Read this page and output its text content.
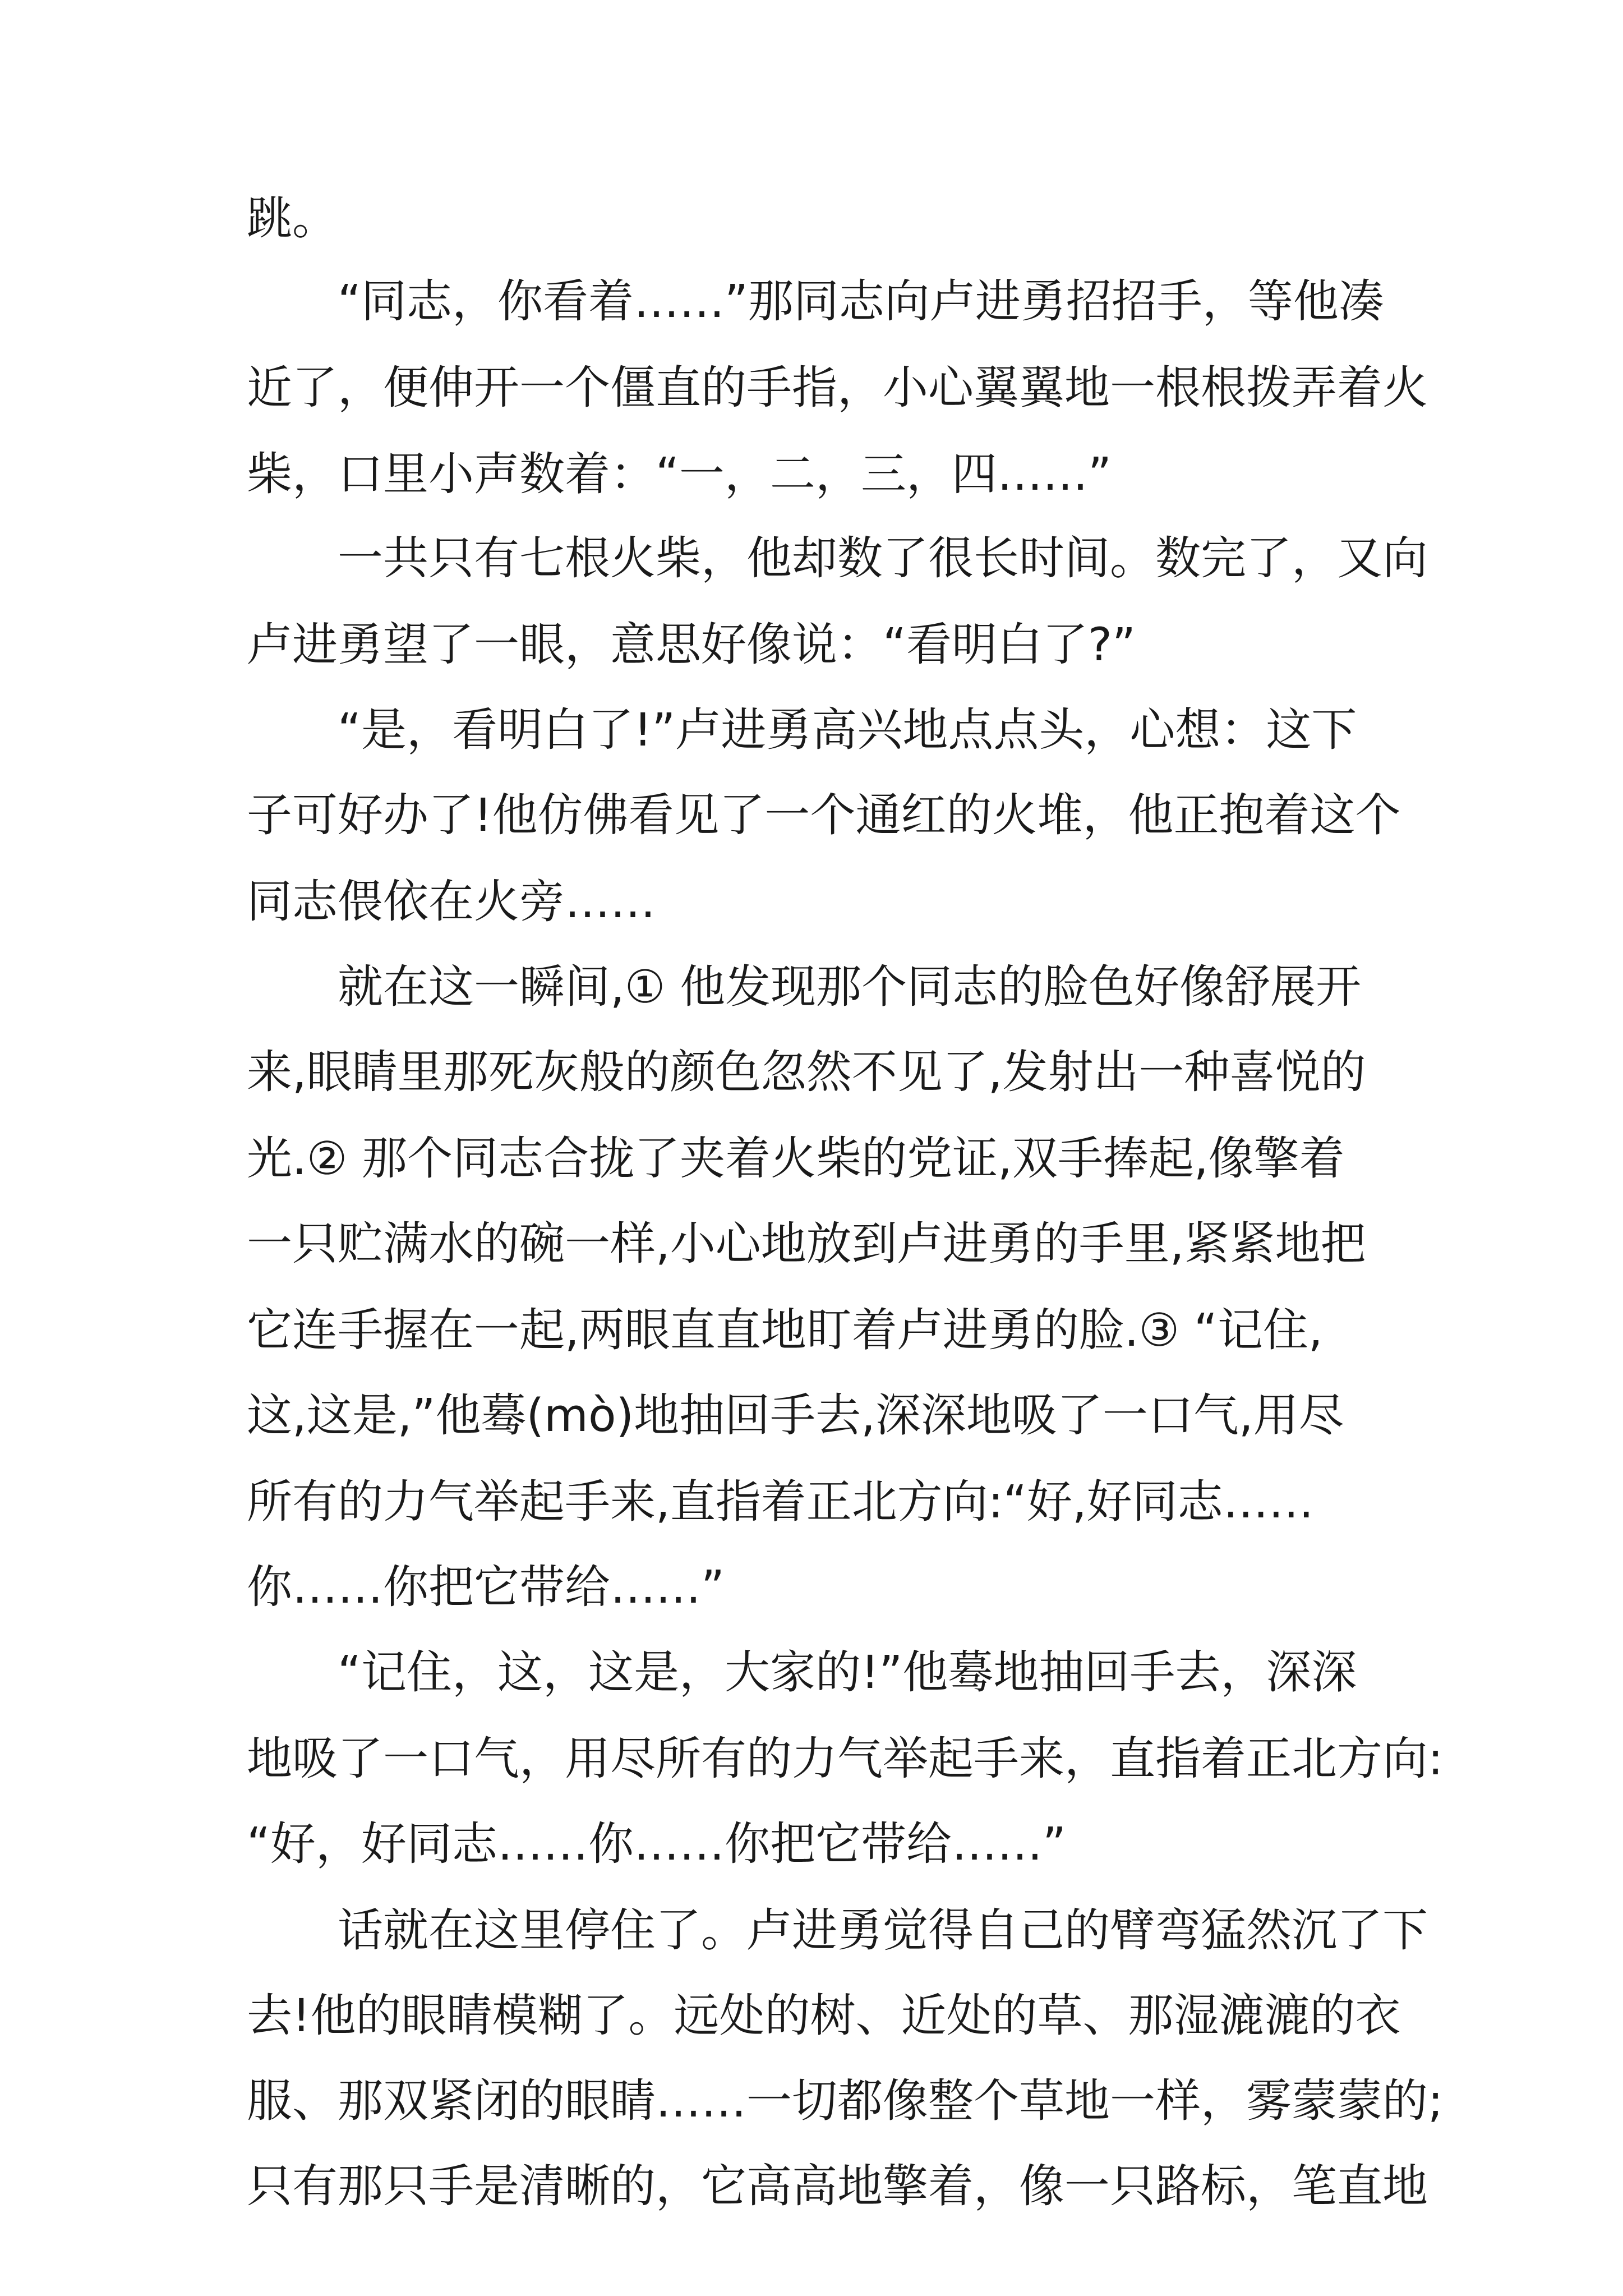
跳。
“同志，你看着……”那同志向卢进勇招招手，等他凑
近了，便伸开一个僵直的手指，小心翼翼地一根根拨弄着火
柴，口里小声数着：“一，二，三，四……”
一共只有七根火柴，他却数了很长时间。数完了，又向
卢进勇望了一眼，意思好像说：“看明白了?”
“是，看明白了!”卢进勇高兴地点点头，心想：这下
子可好办了!他仿佛看见了一个通红的火堆，他正抱着这个
同志偎依在火旁……
就在这一瞬间,① 他发现那个同志的脸色好像舒展开
来,眼睛里那死灰般的颜色忽然不见了,发射出一种喜悦的
光.② 那个同志合拢了夹着火柴的党证,双手捧起,像擎着
一只贮满水的碗一样,小心地放到卢进勇的手里,紧紧地把
它连手握在一起,两眼直直地盯着卢进勇的脸.③ “记住,
这,这是,”他蓦(mò)地抽回手去,深深地吸了一口气,用尽
所有的力气举起手来,直指着正北方向:“好,好同志……
你……你把它带给……”
“记住，这，这是，大家的!”他蓦地抽回手去，深深
地吸了一口气，用尽所有的力气举起手来，直指着正北方向:
“好，好同志……你……你把它带给……”
话就在这里停住了。卢进勇觉得自己的臂弯猛然沉了下
去!他的眼睛模糊了。远处的树、近处的草、那湿漉漉的衣
服、那双紧闭的眼睛……一切都像整个草地一样，雾蒙蒙的;
只有那只手是清晰的，它高高地擎着，像一只路标，笔直地
